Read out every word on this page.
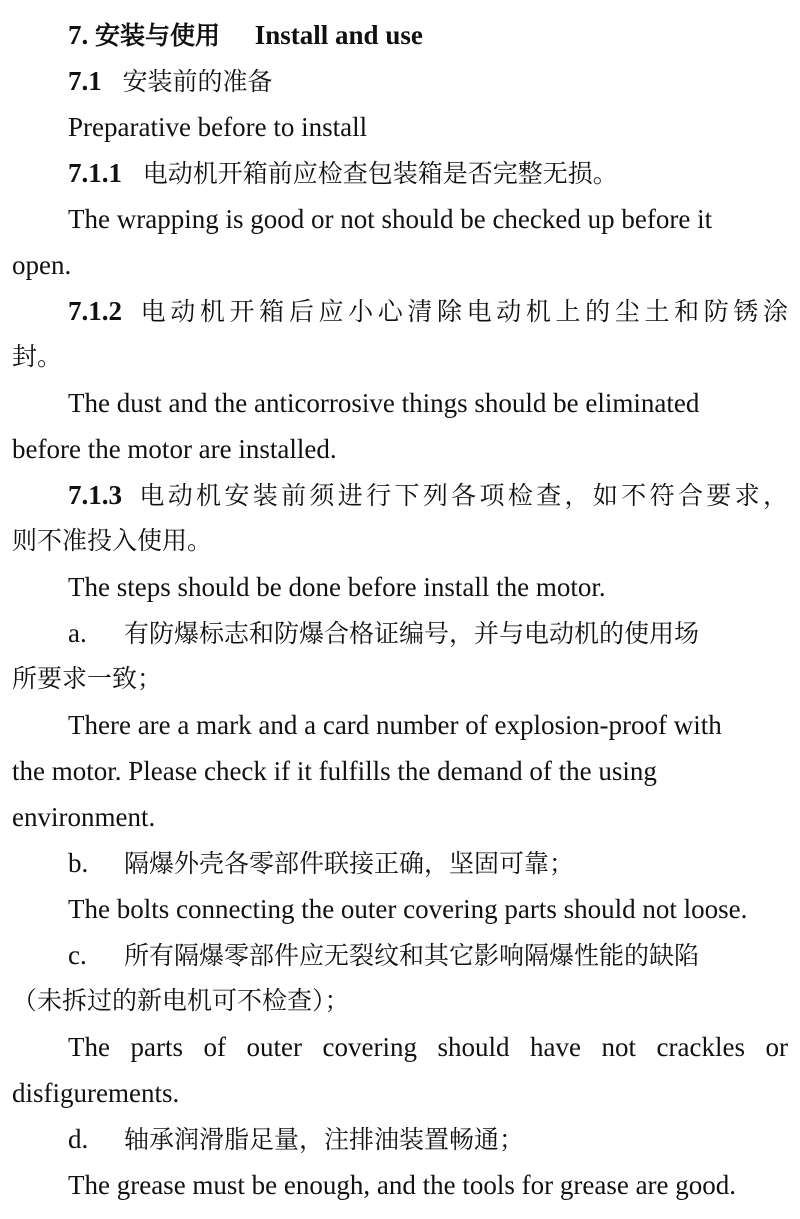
7. 安装与使用 Install and use
7.1 安装前的准备
Preparative before to install
7.1.1 电动机开箱前应检查包装箱是否完整无损。
The wrapping is good or not should be checked up before it
open.
7.1.2 电动机开箱后应小心清除电动机上的尘土和防锈涂
封。
The dust and the anticorrosive things should be eliminated
before the motor are installed.
7.1.3 电动机安装前须进行下列各项检查，如不符合要求，
则不准投入使用。
The steps should be done before install the motor.
a. 有防爆标志和防爆合格证编号，并与电动机的使用场
所要求一致；
There are a mark and a card number of explosion-proof with
the motor. Please check if it fulfills the demand of the using
environment.
b. 隔爆外壳各零部件联接正确，坚固可靠；
The bolts connecting the outer covering parts should not loose.
c. 所有隔爆零部件应无裂纹和其它影响隔爆性能的缺陷
（未拆过的新电机可不检查）；
The parts of outer covering should have not crackles or
disfigurements.
d. 轴承润滑脂足量，注排油装置畅通；
The grease must be enough, and the tools for grease are good.
